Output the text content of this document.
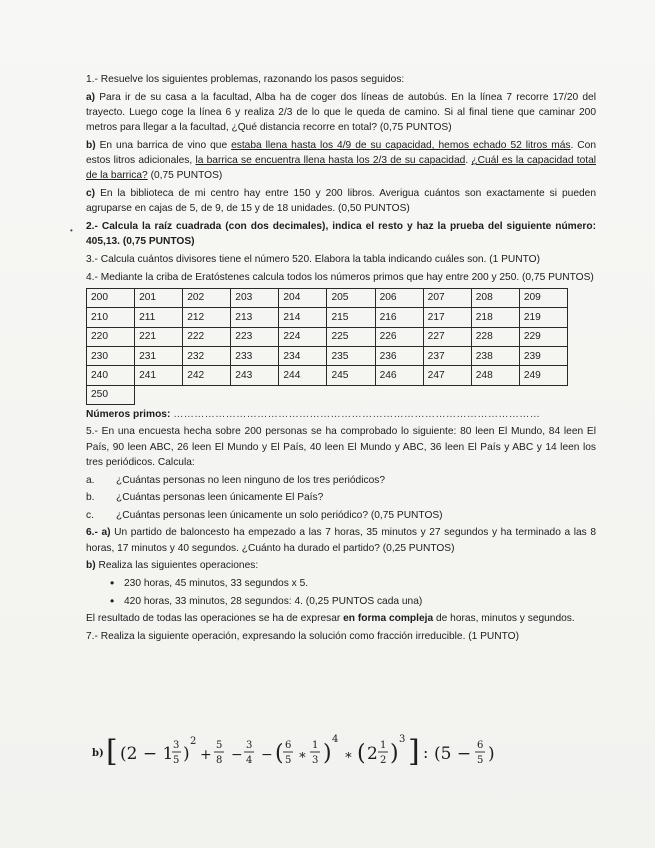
•

1.- Resuelve los siguientes problemas, razonando los pasos seguidos:

a) Para ir de su casa a la facultad, Alba ha de coger dos líneas de autobús. En la línea 7 recorre 17/20 del trayecto. Luego coge la línea 6 y realiza 2/3 de lo que le queda de camino. Si al final tiene que caminar 200 metros para llegar a la facultad, ¿Qué distancia recorre en total? (0,75 PUNTOS)

b) En una barrica de vino que estaba llena hasta los 4/9 de su capacidad, hemos echado 52 litros más. Con estos litros adicionales, la barrica se encuentra llena hasta los 2/3 de su capacidad. ¿Cuál es la capacidad total de la barrica? (0,75 PUNTOS)

c) En la biblioteca de mi centro hay entre 150 y 200 libros. Averigua cuántos son exactamente si pueden agruparse en cajas de 5, de 9, de 15 y de 18 unidades. (0,50 PUNTOS)

2.- Calcula la raíz cuadrada (con dos decimales), indica el resto y haz la prueba del siguiente número: 405,13. (0,75 PUNTOS)

3.- Calcula cuántos divisores tiene el número 520. Elabora la tabla indicando cuáles son. (1 PUNTO)

4.- Mediante la criba de Eratóstenes calcula todos los números primos que hay entre 200 y 250. (0,75 PUNTOS)

200	201	202	203	204	205	206	207	208	209
210	211	212	213	214	215	216	217	218	219
220	221	222	223	224	225	226	227	228	229
230	231	232	233	234	235	236	237	238	239
240	241	242	243	244	245	246	247	248	249
250									

Números primos: ……………………………………………………………………………………………

5.- En una encuesta hecha sobre 200 personas se ha comprobado lo siguiente: 80 leen El Mundo, 84 leen El País, 90 leen ABC, 26 leen El Mundo y El País, 40 leen El Mundo y ABC, 36 leen El País y ABC y 14 leen los tres periódicos. Calcula:

a.	¿Cuántas personas no leen ninguno de los tres periódicos?
b.	¿Cuántas personas leen únicamente El País?
c.	¿Cuántas personas leen únicamente un solo periódico? (0,75 PUNTOS)

6.- a) Un partido de baloncesto ha empezado a las 7 horas, 35 minutos y 27 segundos y ha terminado a las 8 horas, 17 minutos y 40 segundos. ¿Cuánto ha durado el partido? (0,25 PUNTOS)

b) Realiza las siguientes operaciones:

• 230 horas, 45 minutos, 33 segundos x 5.
• 420 horas, 33 minutos, 28 segundos: 4. (0,25 PUNTOS cada una)

El resultado de todas las operaciones se ha de expresar en forma compleja de horas, minutos y segundos.

7.- Realiza la siguiente operación, expresando la solución como fracción irreducible. (1 PUNTO)

b) [ (2 − 1 3
5 )
2
+
5
8 −
3
4 − ( 6
5 ∗
1
3 )
4
∗ ( 2 1
2 )
3 ] : (5 − 6
5 )
